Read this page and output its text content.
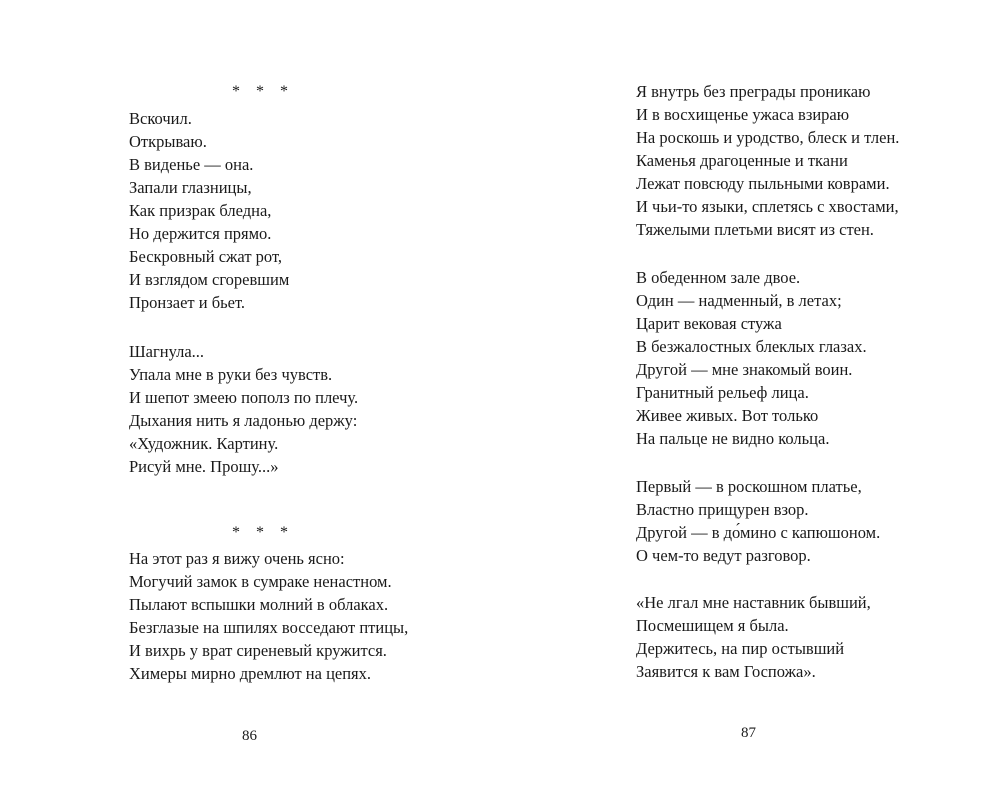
* * *
Вскочил.
Открываю.
В виденье — она.
Запали глазницы,
Как призрак бледна,
Но держится прямо.
Бескровный сжат рот,
И взглядом сгоревшим
Пронзает и бьет.
Шагнула...
Упала мне в руки без чувств.
И шепот змеею пополз по плечу.
Дыхания нить я ладонью держу:
«Художник. Картину.
Рисуй мне. Прошу...»
* * *
На этот раз я вижу очень ясно:
Могучий замок в сумраке ненастном.
Пылают вспышки молний в облаках.
Безглазые на шпилях восседают птицы,
И вихрь у врат сиреневый кружится.
Химеры мирно дремлют на цепях.
86
Я внутрь без преграды проникаю
И в восхищенье ужаса взираю
На роскошь и уродство, блеск и тлен.
Каменья драгоценные и ткани
Лежат повсюду пыльными коврами.
И чьи-то языки, сплетясь с хвостами,
Тяжелыми плетьми висят из стен.
В обеденном зале двое.
Один — надменный, в летах;
Царит вековая стужа
В безжалостных блеклых глазах.
Другой — мне знакомый воин.
Гранитный рельеф лица.
Живее живых. Вот только
На пальце не видно кольца.
Первый — в роскошном платье,
Властно прищурен взор.
Другой — в до́мино с капюшоном.
О чем-то ведут разговор.
«Не лгал мне наставник бывший,
Посмешищем я была.
Держитесь, на пир остывший
Заявится к вам Госпожа».
87
